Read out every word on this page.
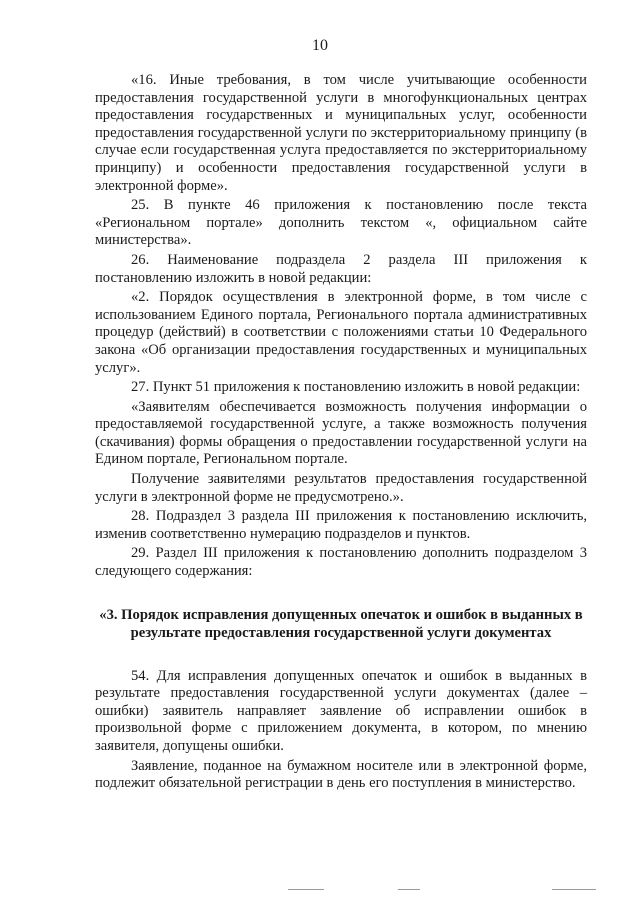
10

«16. Иные требования, в том числе учитывающие особенности предоставления государственной услуги в многофункциональных центрах предоставления государственных и муниципальных услуг, особенности предоставления государственной услуги по экстерриториальному принципу (в случае если государственная услуга предоставляется по экстерриториальному принципу) и особенности предоставления государственной услуги в электронной форме».

25. В пункте 46 приложения к постановлению после текста «Региональном портале» дополнить текстом «, официальном сайте министерства».

26. Наименование подраздела 2 раздела III приложения к постановлению изложить в новой редакции:

«2. Порядок осуществления в электронной форме, в том числе с использованием Единого портала, Регионального портала административных процедур (действий) в соответствии с положениями статьи 10 Федерального закона «Об организации предоставления государственных и муниципальных услуг».

27. Пункт 51 приложения к постановлению изложить в новой редакции:

«Заявителям обеспечивается возможность получения информации о предоставляемой государственной услуге, а также возможность получения (скачивания) формы обращения о предоставлении государственной услуги на Едином портале, Региональном портале.

Получение заявителями результатов предоставления государственной услуги в электронной форме не предусмотрено.».

28. Подраздел 3 раздела III приложения к постановлению исключить, изменив соответственно нумерацию подразделов и пунктов.

29. Раздел III приложения к постановлению дополнить подразделом 3 следующего содержания:

«3. Порядок исправления допущенных опечаток и ошибок в выданных в результате предоставления государственной услуги документах

54. Для исправления допущенных опечаток и ошибок в выданных в результате предоставления государственной услуги документах (далее – ошибки) заявитель направляет заявление об исправлении ошибок в произвольной форме с приложением документа, в котором, по мнению заявителя, допущены ошибки.

Заявление, поданное на бумажном носителе или в электронной форме, подлежит обязательной регистрации в день его поступления в министерство.
